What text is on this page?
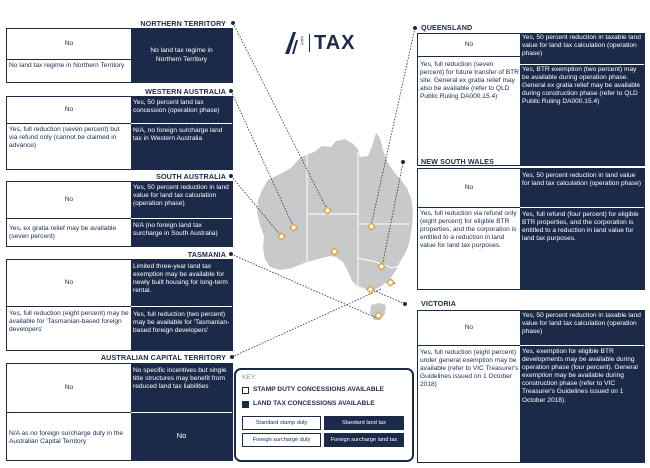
A&M TAX
NORTHERN TERRITORY
No
No land tax regime in Northern Territory
No land tax regime in Northern Territory
WESTERN AUSTRALIA
No
Yes, full reduction (seven percent) but via refund only (cannot be claimed in advance)
Yes, 50 percent land tax concession (operation phase)
N/A, no foreign surcharge land tax in Western Australia
SOUTH AUSTRALIA
No
Yes, ex gratia relief may be available (seven percent)
Yes, 50 percent reduction in land value for land tax calculation (operation phase)
N/A (no foreign land tax surcharge in South Australia)
TASMANIA
No
Yes, full reduction (eight percent) may be available for 'Tasmanian-based foreign developers'
Limited three-year land tax exemption may be available for newly built housing for long-term rental.
Yes, full reduction (two percent) may be available for 'Tasmanian-based foreign developers'
AUSTRALIAN CAPITAL TERRITORY
No
N/A as no foreign surcharge duty in the Australian Capital Territory
No specific incentives but single title structures may benefit from reduced land tax liabilities
No
QUEENSLAND
No
Yes, full reduction (seven percent) for future transfer of BTR site. General ex gratia relief may also be available (refer to QLD Public Ruling DA000.15.4)
Yes, 50 percent reduction in taxable land value for land tax calculation (operation phase)
Yes, BTR exemption (two percent) may be available during operation phase. General ex gratia relief may be available during construction phase (refer to QLD Public Ruling DA000.15.4)
NEW SOUTH WALES
No
Yes, full reduction via refund only (eight percent) for eligible BTR properties, and the corporation is entitled to a reduction in land value for land tax purposes.
Yes, 50 percent reduction in land value for land tax calculation (operation phase)
Yes, full refund (four percent) for eligible BTR properties, and the corporation is entitled to a reduction in land value for land tax purposes.
VICTORIA
No
Yes, full reduction (eight percent) under general exemption may be available (refer to VIC Treasurer's Guidelines issued on 1 October 2018)
Yes, 50 percent reduction in taxable land value for land tax calculation (operation phase)
Yes, exemption for eligible BTR developments may be available during operation phase (four percent). General exemption may be available during construction phase (refer to VIC Treasurer's Guidelines issued on 1 October 2018).
KEY:
STAMP DUTY CONCESSIONS AVAILABLE
LAND TAX CONCESSIONS AVAILABLE
Standard stamp duty	Standard land tax
Foreign surcharge duty	Foreign surcharge land tax
